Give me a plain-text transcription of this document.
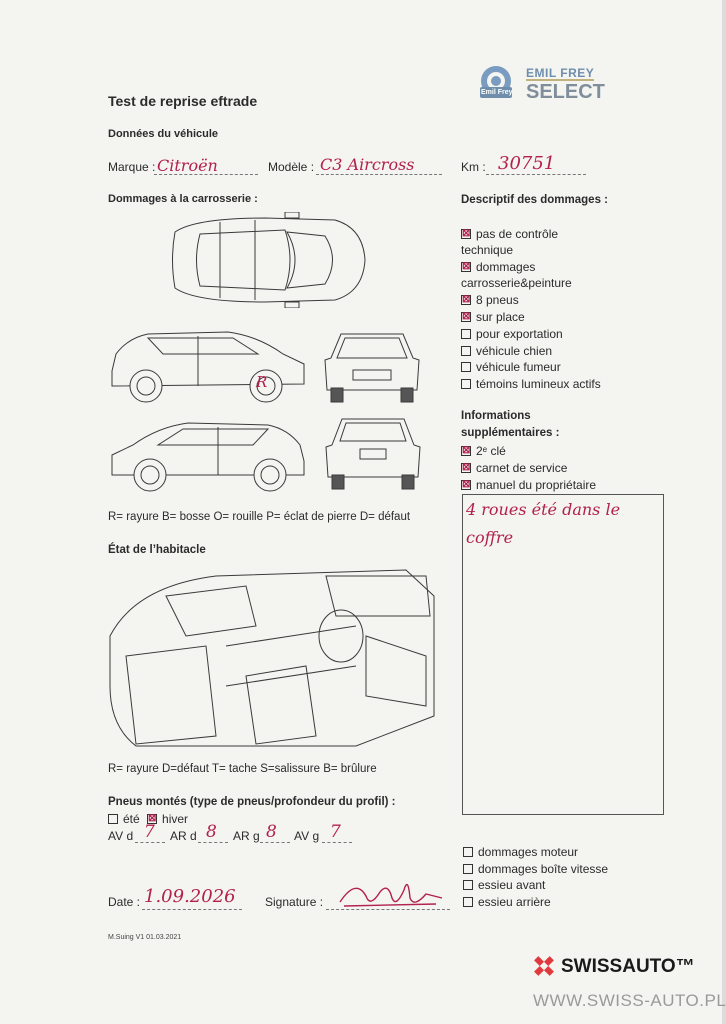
Test de reprise eftrade
Emil Frey
EMIL FREY
SELECT
Données du véhicule
Marque : Citroën	Modèle : C3 Aircross	Km : 30751
Dommages à la carrosserie :
R
R= rayure B= bosse O= rouille P= éclat de pierre D= défaut
Descriptif des dommages :
⊠ pas de contrôle
technique
⊠ dommages
carrosserie&peinture
⊠ 8 pneus
⊠ sur place
pour exportation
véhicule chien
véhicule fumeur
témoins lumineux actifs
Informations
supplémentaires :
⊠ 2ᵉ clé
⊠ carnet de service
⊠ manuel du propriétaire
4 roues été dans le
coffre
État de l’habitacle
R= rayure D=défaut T= tache S=salissure B= brûlure
Pneus montés (type de pneus/profondeur du profil) :
été ⊠ hiver
AV d 7 AR d 8 AR g 8 AV g 7
dommages moteur
dommages boîte vitesse
essieu avant
essieu arrière
Date : 1.09.2026 Signature :
M.Suing V1 01.03.2021
SWISSAUTO™
WWW.SWISS-AUTO.PL
